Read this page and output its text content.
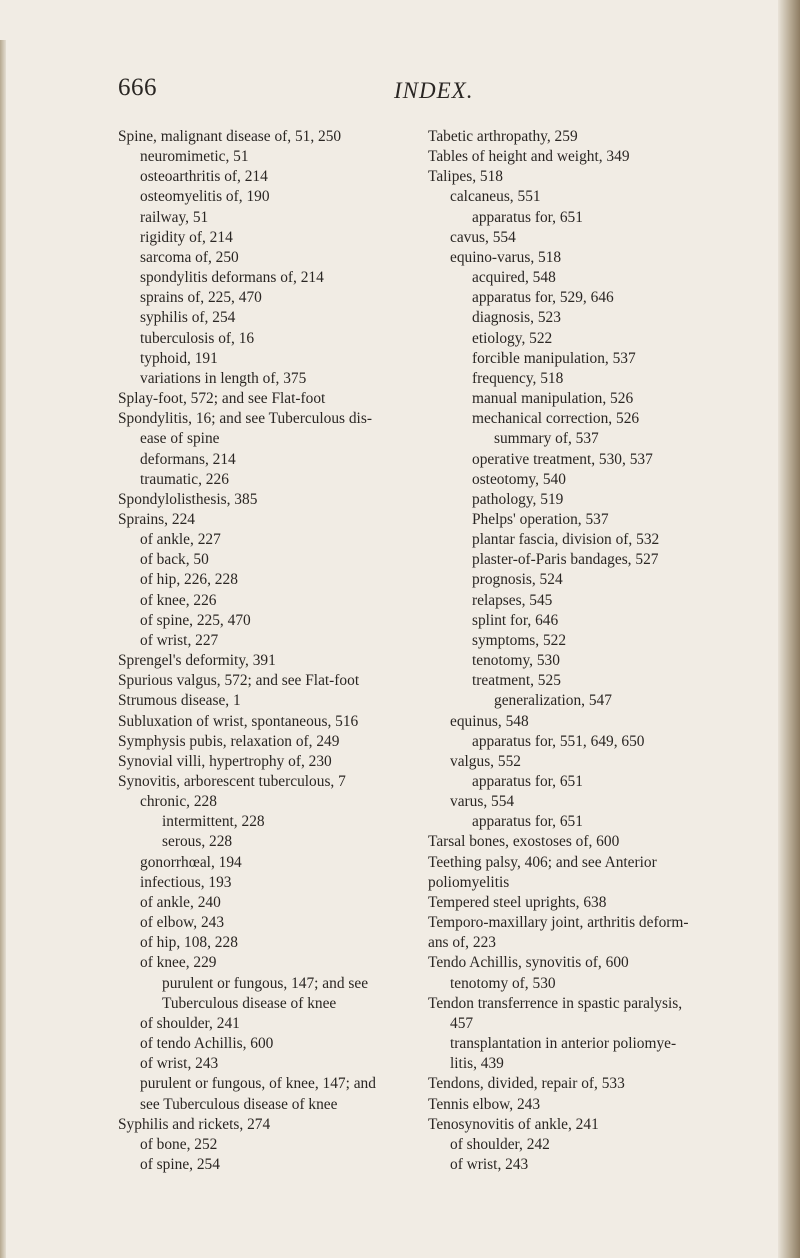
666	INDEX.
Spine, malignant disease of, 51, 250
neuromimetic, 51
osteoarthritis of, 214
osteomyelitis of, 190
railway, 51
rigidity of, 214
sarcoma of, 250
spondylitis deformans of, 214
sprains of, 225, 470
syphilis of, 254
tuberculosis of, 16
typhoid, 191
variations in length of, 375
Splay-foot, 572; and see Flat-foot
Spondylitis, 16; and see Tuberculous dis-
ease of spine
deformans, 214
traumatic, 226
Spondylolisthesis, 385
Sprains, 224
of ankle, 227
of back, 50
of hip, 226, 228
of knee, 226
of spine, 225, 470
of wrist, 227
Sprengel's deformity, 391
Spurious valgus, 572; and see Flat-foot
Strumous disease, 1
Subluxation of wrist, spontaneous, 516
Symphysis pubis, relaxation of, 249
Synovial villi, hypertrophy of, 230
Synovitis, arborescent tuberculous, 7
chronic, 228
intermittent, 228
serous, 228
gonorrhœal, 194
infectious, 193
of ankle, 240
of elbow, 243
of hip, 108, 228
of knee, 229
purulent or fungous, 147; and see
Tuberculous disease of knee
of shoulder, 241
of tendo Achillis, 600
of wrist, 243
purulent or fungous, of knee, 147; and
see Tuberculous disease of knee
Syphilis and rickets, 274
of bone, 252
of spine, 254
Tabetic arthropathy, 259
Tables of height and weight, 349
Talipes, 518
calcaneus, 551
apparatus for, 651
cavus, 554
equino-varus, 518
acquired, 548
apparatus for, 529, 646
diagnosis, 523
etiology, 522
forcible manipulation, 537
frequency, 518
manual manipulation, 526
mechanical correction, 526
summary of, 537
operative treatment, 530, 537
osteotomy, 540
pathology, 519
Phelps' operation, 537
plantar fascia, division of, 532
plaster-of-Paris bandages, 527
prognosis, 524
relapses, 545
splint for, 646
symptoms, 522
tenotomy, 530
treatment, 525
generalization, 547
equinus, 548
apparatus for, 551, 649, 650
valgus, 552
apparatus for, 651
varus, 554
apparatus for, 651
Tarsal bones, exostoses of, 600
Teething palsy, 406; and see Anterior
poliomyelitis
Tempered steel uprights, 638
Temporo-maxillary joint, arthritis deform-
ans of, 223
Tendo Achillis, synovitis of, 600
tenotomy of, 530
Tendon transferrence in spastic paralysis,
457
transplantation in anterior poliomye-
litis, 439
Tendons, divided, repair of, 533
Tennis elbow, 243
Tenosynovitis of ankle, 241
of shoulder, 242
of wrist, 243
